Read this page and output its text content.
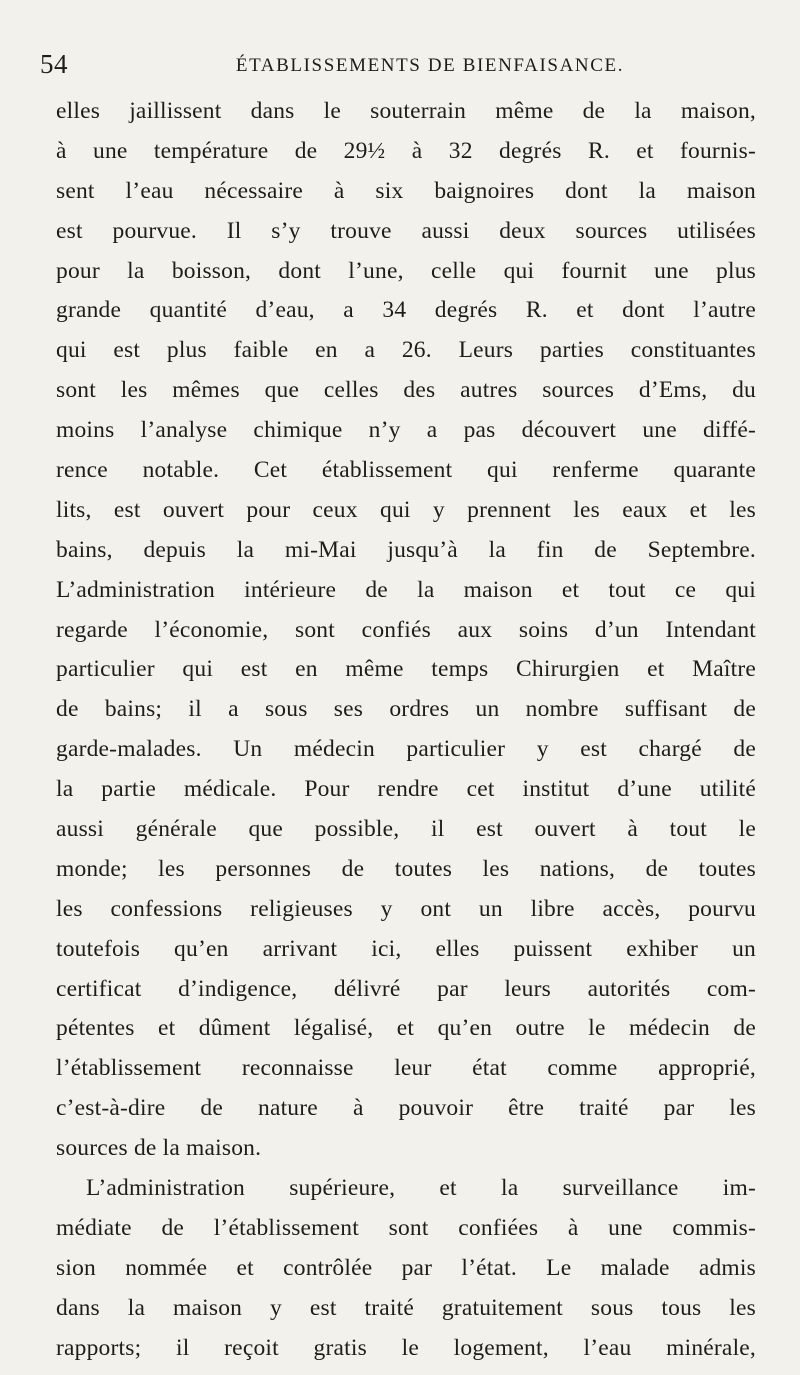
54	ÉTABLISSEMENTS DE BIENFAISANCE.
elles jaillissent dans le souterrain même de la maison,
à une température de 29½ à 32 degrés R. et fournis-
sent l’eau nécessaire à six baignoires dont la maison
est pourvue. Il s’y trouve aussi deux sources utilisées
pour la boisson, dont l’une, celle qui fournit une plus
grande quantité d’eau, a 34 degrés R. et dont l’autre
qui est plus faible en a 26. Leurs parties constituantes
sont les mêmes que celles des autres sources d’Ems, du
moins l’analyse chimique n’y a pas découvert une diffé-
rence notable. Cet établissement qui renferme quarante
lits, est ouvert pour ceux qui y prennent les eaux et les
bains, depuis la mi-Mai jusqu’à la fin de Septembre.
L’administration intérieure de la maison et tout ce qui
regarde l’économie, sont confiés aux soins d’un Intendant
particulier qui est en même temps Chirurgien et Maître
de bains; il a sous ses ordres un nombre suffisant de
garde-malades. Un médecin particulier y est chargé de
la partie médicale. Pour rendre cet institut d’une utilité
aussi générale que possible, il est ouvert à tout le
monde; les personnes de toutes les nations, de toutes
les confessions religieuses y ont un libre accès, pourvu
toutefois qu’en arrivant ici, elles puissent exhiber un
certificat d’indigence, délivré par leurs autorités com-
pétentes et dûment légalisé, et qu’en outre le médecin de
l’établissement reconnaisse leur état comme approprié,
c’est-à-dire de nature à pouvoir être traité par les
sources de la maison.
L’administration supérieure, et la surveillance im-
médiate de l’établissement sont confiées à une commis-
sion nommée et contrôlée par l’état. Le malade admis
dans la maison y est traité gratuitement sous tous les
rapports; il reçoit gratis le logement, l’eau minérale,
